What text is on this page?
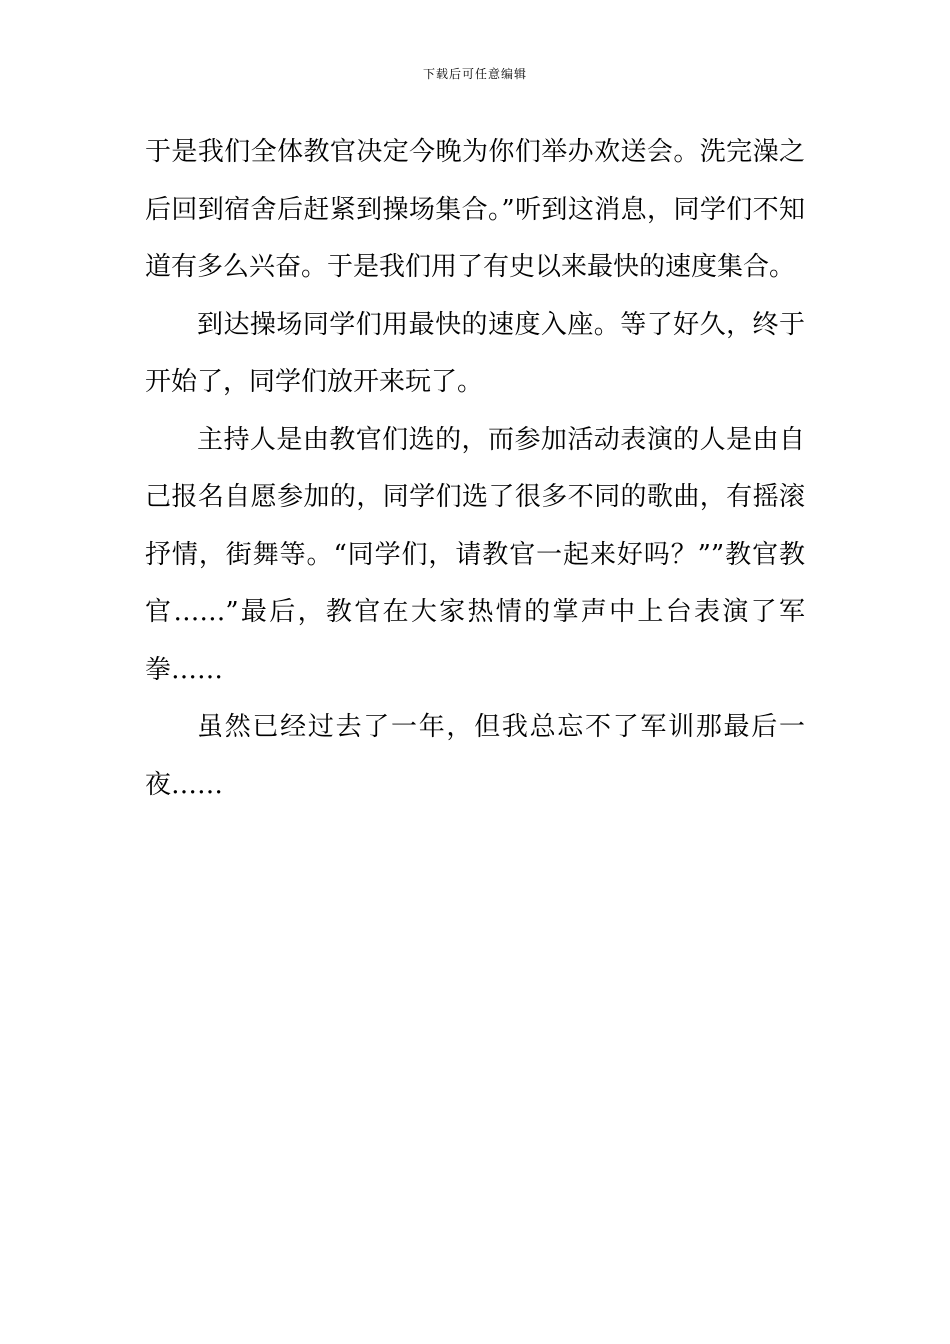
下载后可任意编辑

于是我们全体教官决定今晚为你们举办欢送会。洗完澡之后回到宿舍后赶紧到操场集合。”听到这消息，同学们不知道有多么兴奋。于是我们用了有史以来最快的速度集合。

到达操场同学们用最快的速度入座。等了好久，终于开始了，同学们放开来玩了。

主持人是由教官们选的，而参加活动表演的人是由自己报名自愿参加的，同学们选了很多不同的歌曲，有摇滚抒情，街舞等。“同学们，请教官一起来好吗？””教官教官……”最后，教官在大家热情的掌声中上台表演了军拳……

虽然已经过去了一年，但我总忘不了军训那最后一夜……
